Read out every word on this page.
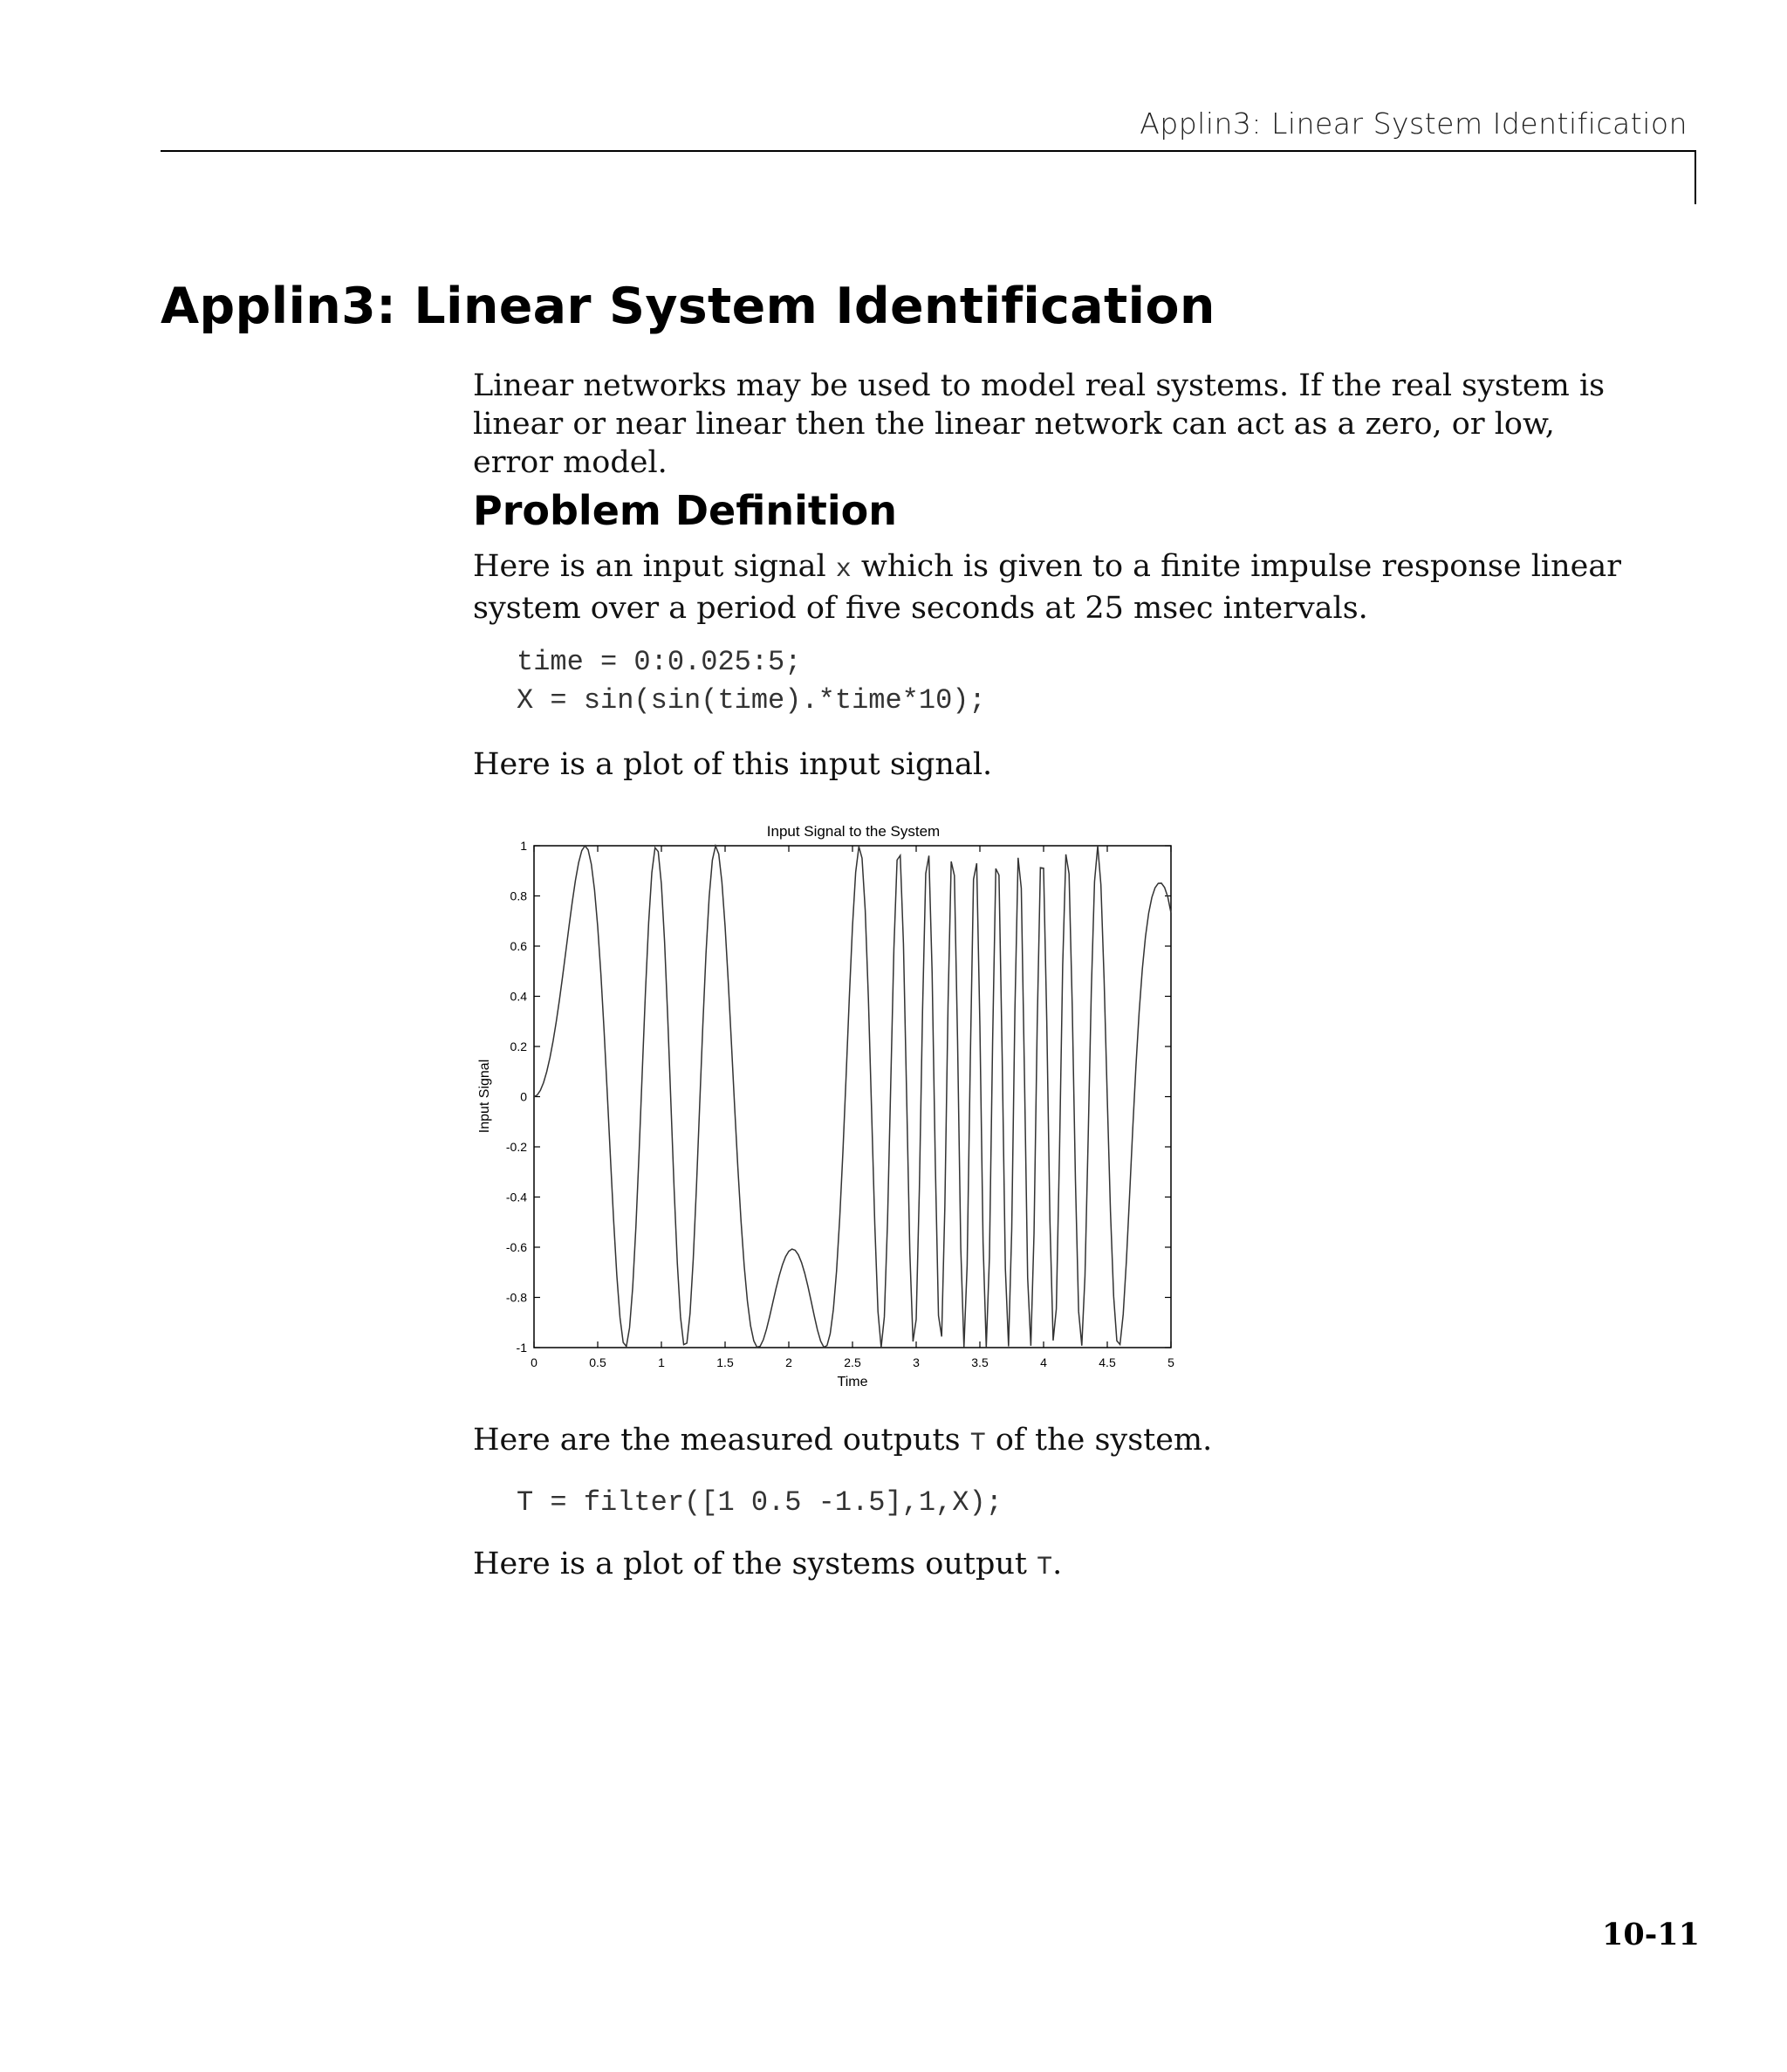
Applin3: Linear System Identification
Applin3: Linear System Identification

Linear networks may be used to model real systems. If the real system is linear or near linear then the linear network can act as a zero, or low, error model.

Problem Definition

Here is an input signal x which is given to a finite impulse response linear system over a period of five seconds at 25 msec intervals.

time = 0:0.025:5;
X = sin(sin(time).*time*10);

Here is a plot of this input signal.

Input Signal to the System
-1
-0.8
-0.6
-0.4
-0.2
0
0.2
0.4
0.6
0.8
1
0	0.5	1	1.5	2	2.5	3	3.5	4	4.5	5
Time
Input Signal

Here are the measured outputs T of the system.

T = filter([1 0.5 -1.5],1,X);

Here is a plot of the systems output T.

10-11
